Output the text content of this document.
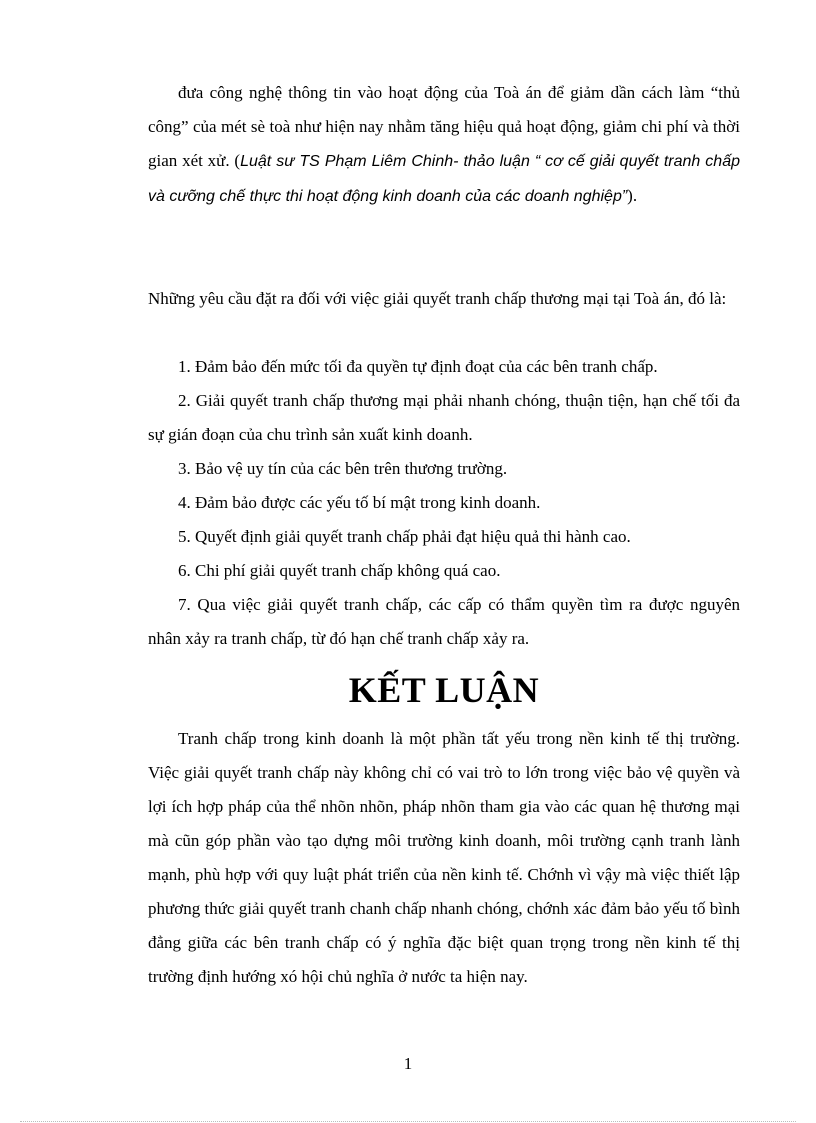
đưa công nghệ thông tin vào hoạt động của Toà án để giảm dần cách làm “thủ công” của mét sè toà như hiện nay nhằm tăng hiệu quả hoạt động, giảm chi phí và thời gian xét xử. (Luật sư TS Phạm Liêm Chinh- thảo luận “ cơ cế giải quyết tranh chấp và cưỡng chế thực thi hoạt động kinh doanh của các doanh nghiệp”).

Những yêu cầu đặt ra đối với việc giải quyết tranh chấp thương mại tại Toà án, đó là:

1. Đảm bảo đến mức tối đa quyền tự định đoạt của các bên tranh chấp.
2. Giải quyết tranh chấp thương mại phải nhanh chóng, thuận tiện, hạn chế tối đa sự gián đoạn của chu trình sản xuất kinh doanh.
3. Bảo vệ uy tín của các bên trên thương trường.
4. Đảm bảo được các yếu tố bí mật trong kinh doanh.
5. Quyết định giải quyết tranh chấp phải đạt hiệu quả thi hành cao.
6. Chi phí giải quyết tranh chấp không quá cao.
7. Qua việc giải quyết tranh chấp, các cấp có thẩm quyền tìm ra được nguyên nhân xảy ra tranh chấp, từ đó hạn chế tranh chấp xảy ra.
KẾT LUẬN

Tranh chấp trong kinh doanh là một phần tất yếu trong nền kinh tế thị trường. Việc giải quyết tranh chấp này không chỉ có vai trò to lớn trong việc bảo vệ quyền và lợi ích hợp pháp của thể nhõn nhõn, pháp nhõn tham gia vào các quan hệ thương mại mà cũn góp phần vào tạo dựng môi trường kinh doanh, môi trường cạnh tranh lành mạnh, phù hợp với quy luật phát triển của nền kinh tế. Chớnh vì vậy mà việc thiết lập phương thức giải quyết tranh chanh chấp nhanh chóng, chớnh xác đảm bảo yếu tố bình đẳng giữa các bên tranh chấp có ý nghĩa đặc biệt quan trọng trong nền kinh tế thị trường định hướng xó hội chủ nghĩa ở nước ta hiện nay.

1
